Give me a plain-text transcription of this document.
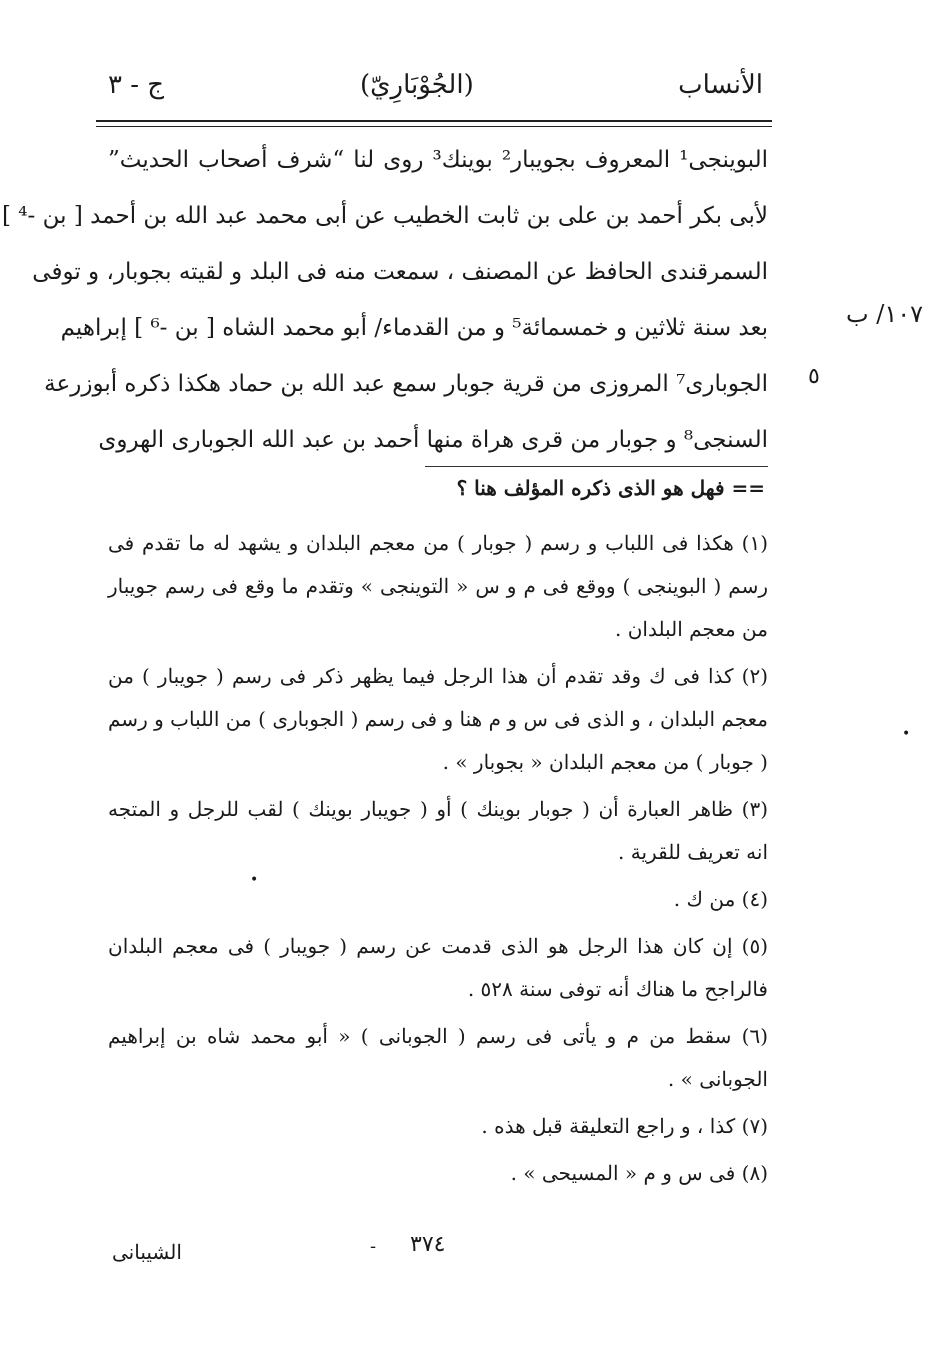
الأنساب
(الجُوْبَارِيّ)
ج - ٣
البوينجى¹ المعروف بجويبار² بوينك³ روى لنا “شرف أصحاب الحديث”
لأبى بكر أحمد بن على بن ثابت الخطيب عن أبى محمد عبد الله بن أحمد [ بن -⁴ ]
السمرقندى الحافظ عن المصنف ، سمعت منه فى البلد و لقيته بجوبار، و توفى
بعد سنة ثلاثين و خمسمائة⁵ و من القدماء/ أبو محمد الشاه [ بن -⁶ ] إبراهيم
الجوبارى⁷ المروزى من قرية جوبار سمع عبد الله بن حماد هكذا ذكره أبوزرعة
السنجى⁸ و جوبار من قرى هراة منها أحمد بن عبد الله الجوبارى الهروى
١٠٧/ ب
٥
== فهل هو الذى ذكره المؤلف هنا ؟
(١) هكذا فى اللباب و رسم ( جوبار ) من معجم البلدان و يشهد له ما تقدم فى
رسم ( البوينجى ) ووقع فى م و س « التوينجى » وتقدم ما وقع فى رسم جويبار
من معجم البلدان .
(٢) كذا فى ك وقد تقدم أن هذا الرجل فيما يظهر ذكر فى رسم ( جويبار ) من
معجم البلدان ، و الذى فى س و م هنا و فى رسم ( الجوبارى ) من اللباب و رسم
( جوبار ) من معجم البلدان « بجوبار » .
(٣) ظاهر العبارة أن ( جوبار بوينك ) أو ( جويبار بوينك ) لقب للرجل و المتجه
انه تعريف للقرية .
(٤) من ك .
(٥) إن كان هذا الرجل هو الذى قدمت عن رسم ( جويبار ) فى معجم البلدان
فالراجح ما هناك أنه توفى سنة ٥٢٨ .
(٦) سقط من م و يأتى فى رسم ( الجوبانى ) « أبو محمد شاه بن إبراهيم
الجوبانى » .
(٧) كذا ، و راجع التعليقة قبل هذه .
(٨) فى س و م « المسيحى » .
•
•
الشيبانى	- ٣٧٤
